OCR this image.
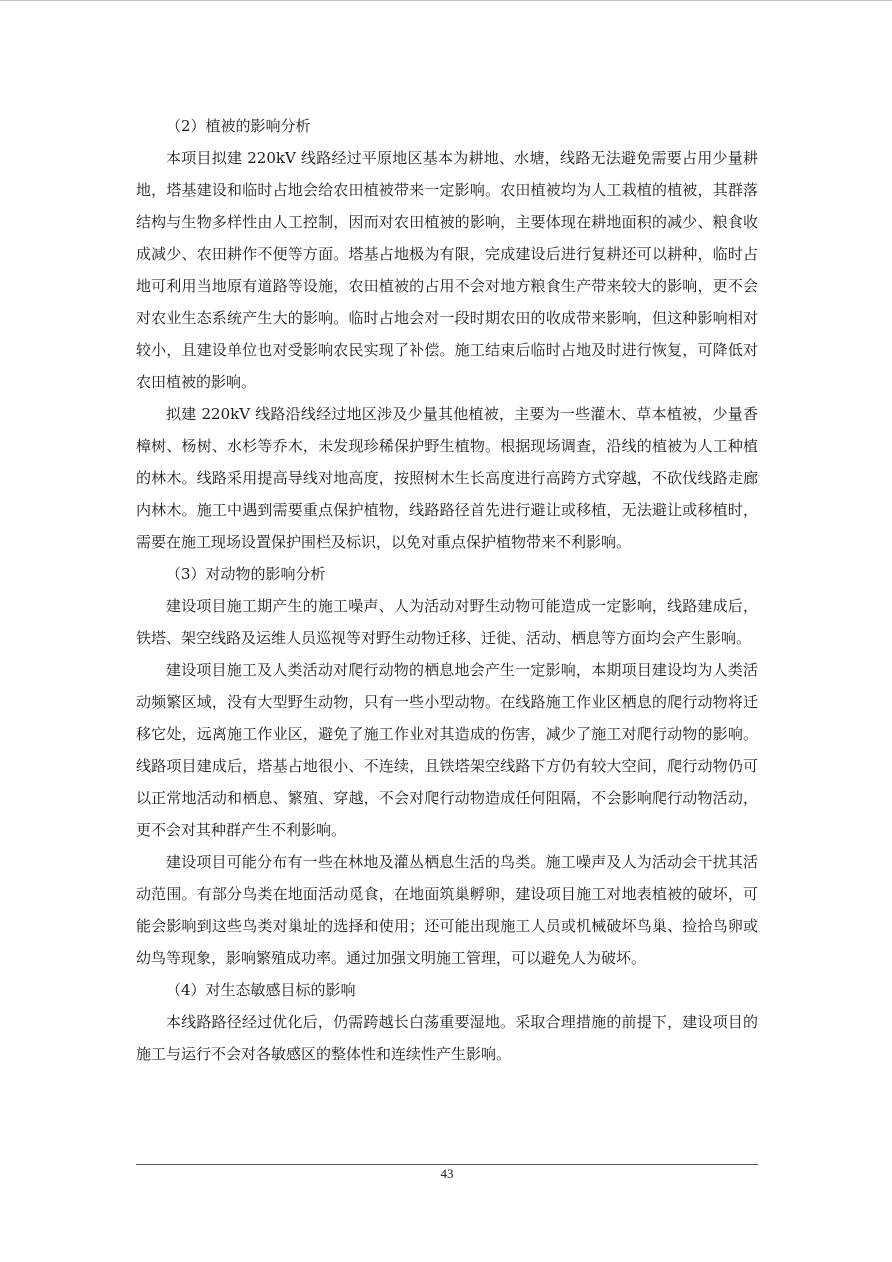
（2）植被的影响分析

本项目拟建 220kV 线路经过平原地区基本为耕地、水塘，线路无法避免需要占用少量耕地，塔基建设和临时占地会给农田植被带来一定影响。农田植被均为人工栽植的植被，其群落结构与生物多样性由人工控制，因而对农田植被的影响，主要体现在耕地面积的减少、粮食收成减少、农田耕作不便等方面。塔基占地极为有限，完成建设后进行复耕还可以耕种，临时占地可利用当地原有道路等设施，农田植被的占用不会对地方粮食生产带来较大的影响，更不会对农业生态系统产生大的影响。临时占地会对一段时期农田的收成带来影响，但这种影响相对较小，且建设单位也对受影响农民实现了补偿。施工结束后临时占地及时进行恢复，可降低对农田植被的影响。

拟建 220kV 线路沿线经过地区涉及少量其他植被，主要为一些灌木、草本植被，少量香樟树、杨树、水杉等乔木，未发现珍稀保护野生植物。根据现场调查，沿线的植被为人工种植的林木。线路采用提高导线对地高度，按照树木生长高度进行高跨方式穿越，不砍伐线路走廊内林木。施工中遇到需要重点保护植物，线路路径首先进行避让或移植，无法避让或移植时，需要在施工现场设置保护围栏及标识，以免对重点保护植物带来不利影响。

（3）对动物的影响分析

建设项目施工期产生的施工噪声、人为活动对野生动物可能造成一定影响，线路建成后，铁塔、架空线路及运维人员巡视等对野生动物迁移、迁徙、活动、栖息等方面均会产生影响。

建设项目施工及人类活动对爬行动物的栖息地会产生一定影响，本期项目建设均为人类活动频繁区域，没有大型野生动物，只有一些小型动物。在线路施工作业区栖息的爬行动物将迁移它处，远离施工作业区，避免了施工作业对其造成的伤害，减少了施工对爬行动物的影响。线路项目建成后，塔基占地很小、不连续，且铁塔架空线路下方仍有较大空间，爬行动物仍可以正常地活动和栖息、繁殖、穿越，不会对爬行动物造成任何阻隔，不会影响爬行动物活动，更不会对其种群产生不利影响。

建设项目可能分布有一些在林地及灌丛栖息生活的鸟类。施工噪声及人为活动会干扰其活动范围。有部分鸟类在地面活动觅食，在地面筑巢孵卵，建设项目施工对地表植被的破坏，可能会影响到这些鸟类对巢址的选择和使用；还可能出现施工人员或机械破坏鸟巢、捡拾鸟卵或幼鸟等现象，影响繁殖成功率。通过加强文明施工管理，可以避免人为破坏。

（4）对生态敏感目标的影响

本线路路径经过优化后，仍需跨越长白荡重要湿地。采取合理措施的前提下，建设项目的施工与运行不会对各敏感区的整体性和连续性产生影响。

43
